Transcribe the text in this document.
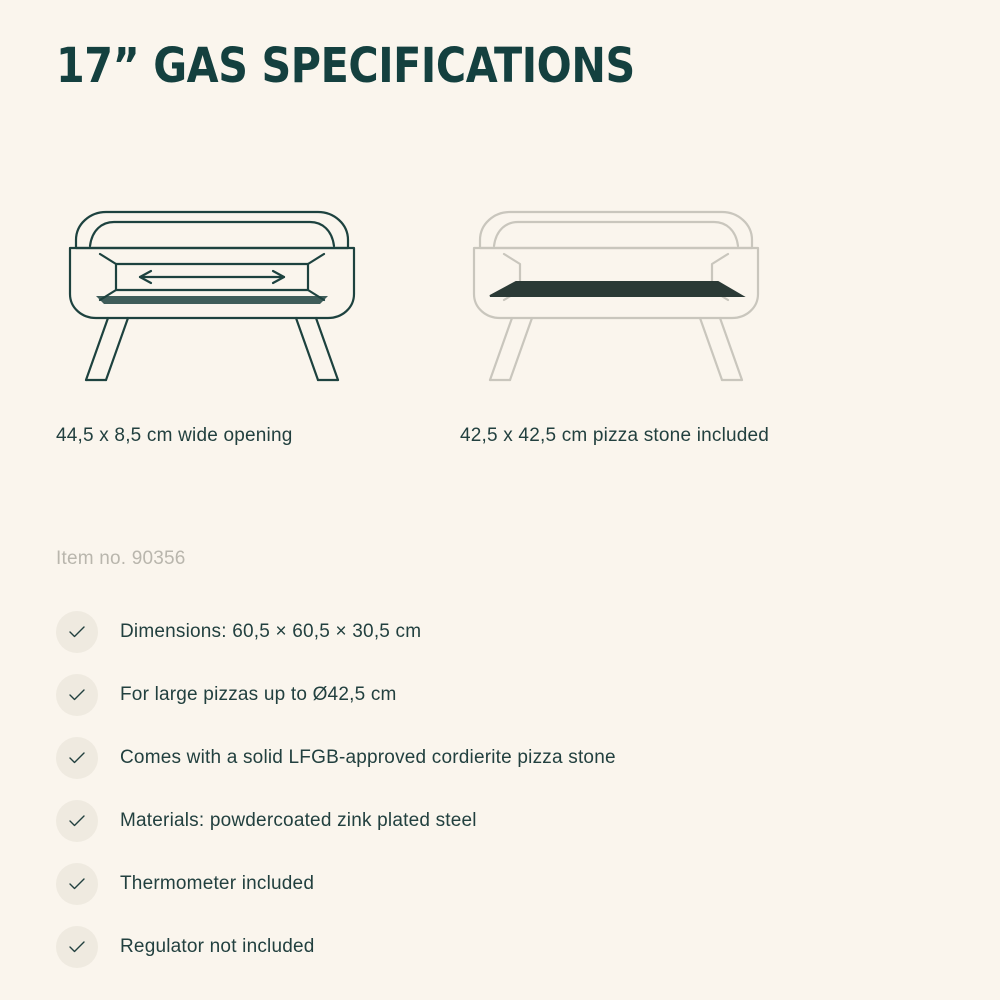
17” GAS SPECIFICATIONS
44,5 x 8,5 cm wide opening	42,5 x 42,5 cm pizza stone included
Item no. 90356
Dimensions: 60,5 × 60,5 × 30,5 cm
For large pizzas up to Ø42,5 cm
Comes with a solid LFGB-approved cordierite pizza stone
Materials: powdercoated zink plated steel
Thermometer included
Regulator not included
